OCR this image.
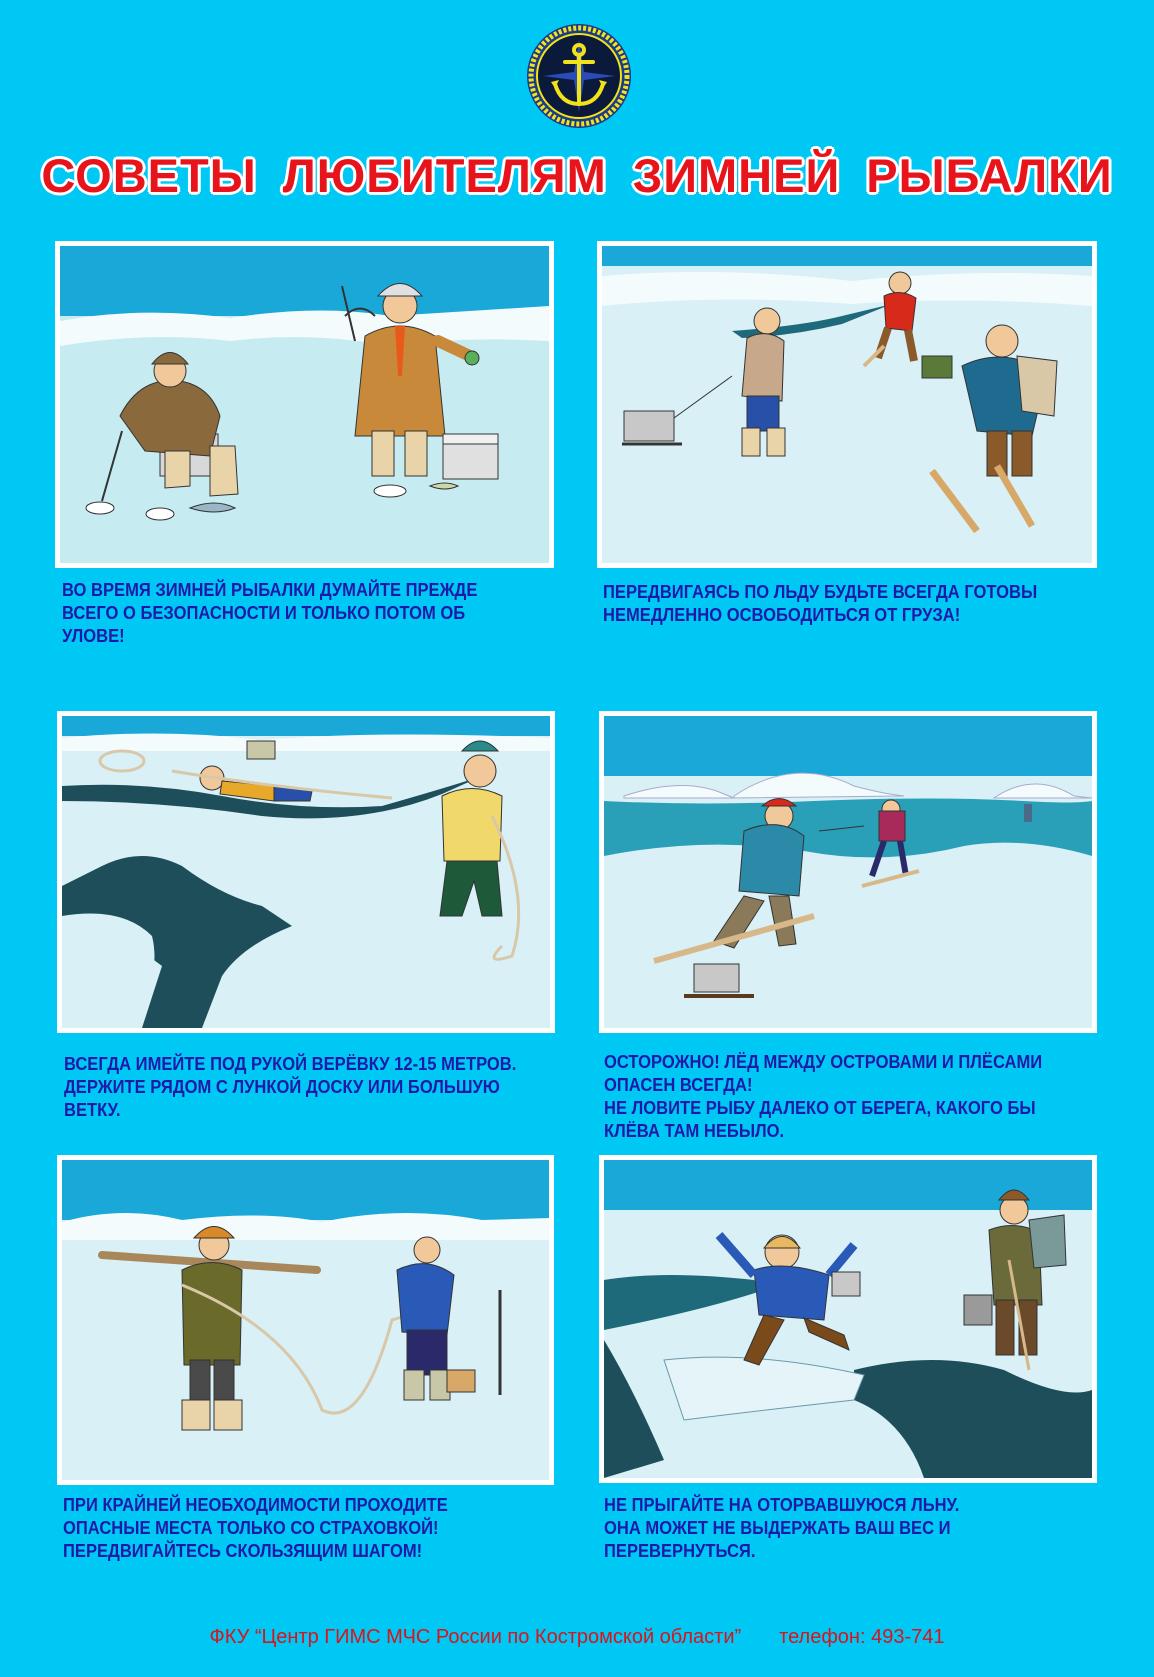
СОВЕТЫ ЛЮБИТЕЛЯМ ЗИМНЕЙ РЫБАЛКИ
ВО ВРЕМЯ ЗИМНЕЙ РЫБАЛКИ ДУМАЙТЕ ПРЕЖДЕ
ВСЕГО О БЕЗОПАСНОСТИ И ТОЛЬКО ПОТОМ ОБ
УЛОВЕ!
ПЕРЕДВИГАЯСЬ ПО ЛЬДУ БУДЬТЕ ВСЕГДА ГОТОВЫ
НЕМЕДЛЕННО ОСВОБОДИТЬСЯ ОТ ГРУЗА!
ВСЕГДА ИМЕЙТЕ ПОД РУКОЙ ВЕРЁВКУ 12-15 МЕТРОВ.
ДЕРЖИТЕ РЯДОМ С ЛУНКОЙ ДОСКУ ИЛИ БОЛЬШУЮ
ВЕТКУ.
ОСТОРОЖНО! ЛЁД МЕЖДУ ОСТРОВАМИ И ПЛЁСАМИ
ОПАСЕН ВСЕГДА!
НЕ ЛОВИТЕ РЫБУ ДАЛЕКО ОТ БЕРЕГА, КАКОГО БЫ
КЛЁВА ТАМ НЕБЫЛО.
ПРИ КРАЙНЕЙ НЕОБХОДИМОСТИ ПРОХОДИТЕ
ОПАСНЫЕ МЕСТА ТОЛЬКО СО СТРАХОВКОЙ!
ПЕРЕДВИГАЙТЕСЬ СКОЛЬЗЯЩИМ ШАГОМ!
НЕ ПРЫГАЙТЕ НА ОТОРВАВШУЮСЯ ЛЬНУ.
ОНА МОЖЕТ НЕ ВЫДЕРЖАТЬ ВАШ ВЕС И ПЕРЕВЕРНУТЬСЯ.
ФКУ “Центр ГИМС МЧС России по Костромской области” телефон: 493-741
